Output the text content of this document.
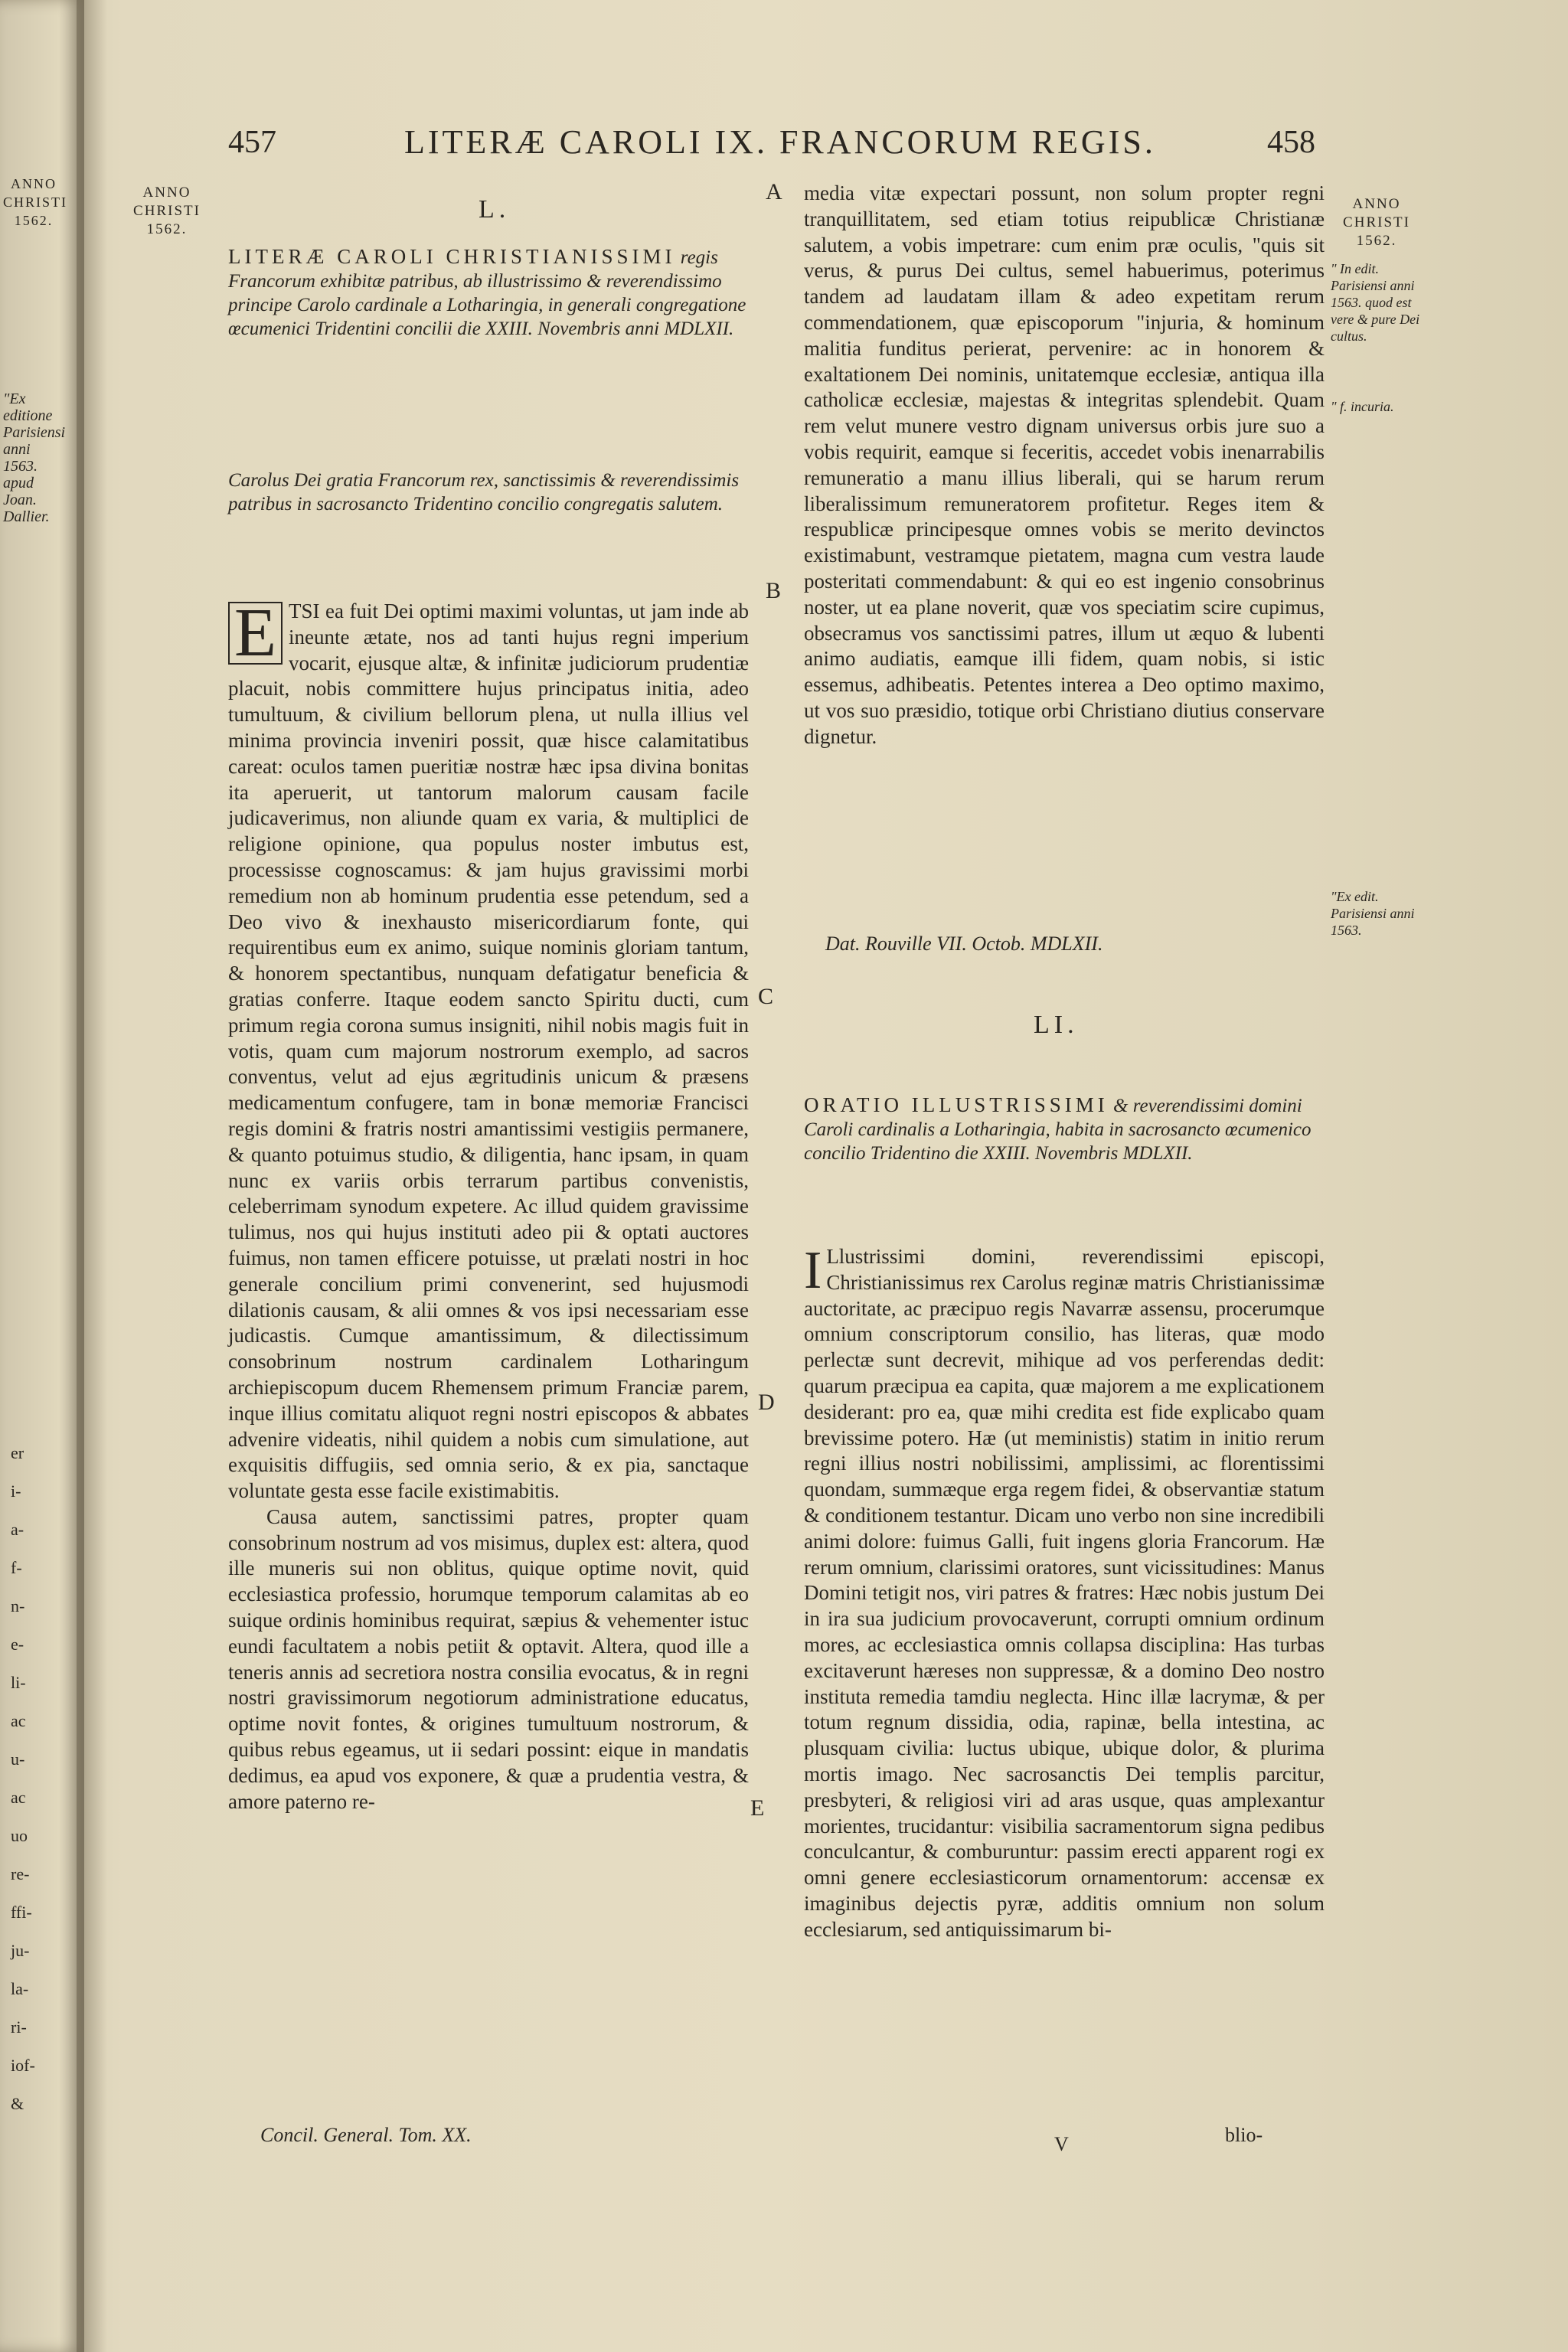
ANNO CHRISTI 1562.
"Ex editione Parisiensi anni 1563. apud Joan. Dallier.
er
i-
a-
f-
n-
e-
li-
ac
u-
ac
uo
re-
ffi-
ju-
la-
ri-
iof-
&
457	LITERÆ CAROLI IX. FRANCORUM REGIS.	458
ANNO CHRISTI 1562.
ANNO CHRISTI 1562.
" In edit. Parisiensi anni 1563. quod est vere & pure Dei cultus.
" f. incuria.
"Ex edit. Parisiensi anni 1563.
A
B
C
D
E
L.
LITERÆ CAROLI CHRISTIANISSIMI regis Francorum exhibitæ patribus, ab illustrissimo & reverendissimo principe Carolo cardinale a Lotharingia, in generali congregatione œcumenici Tridentini concilii die XXIII. Novembris anni MDLXII.
Carolus Dei gratia Francorum rex, sanctissimis & reverendissimis patribus in sacrosancto Tridentino concilio congregatis salutem.

E TSI ea fuit Dei optimi maximi voluntas, ut jam inde ab ineunte ætate, nos ad tanti hujus regni imperium vocarit, ejusque altæ, & infinitæ judiciorum prudentiæ placuit, nobis committere hujus principatus initia, adeo tumultuum, & civilium bellorum plena, ut nulla illius vel minima provincia inveniri possit, quæ hisce calamitatibus careat: oculos tamen pueritiæ nostræ hæc ipsa divina bonitas ita aperuerit, ut tantorum malorum causam facile judicaverimus, non aliunde quam ex varia, & multiplici de religione opinione, qua populus noster imbutus est, processisse cognoscamus: & jam hujus gravissimi morbi remedium non ab hominum prudentia esse petendum, sed a Deo vivo & inexhausto misericordiarum fonte, qui requirentibus eum ex animo, suique nominis gloriam tantum, & honorem spectantibus, nunquam defatigatur beneficia & gratias conferre. Itaque eodem sancto Spiritu ducti, cum primum regia corona sumus insigniti, nihil nobis magis fuit in votis, quam cum majorum nostrorum exemplo, ad sacros conventus, velut ad ejus ægritudinis unicum & præsens medicamentum confugere, tam in bonæ memoriæ Francisci regis domini & fratris nostri amantissimi vestigiis permanere, & quanto potuimus studio, & diligentia, hanc ipsam, in quam nunc ex variis orbis terrarum partibus convenistis, celeberrimam synodum expetere. Ac illud quidem gravissime tulimus, nos qui hujus instituti adeo pii & optati auctores fuimus, non tamen efficere potuisse, ut prælati nostri in hoc generale concilium primi convenerint, sed hujusmodi dilationis causam, & alii omnes & vos ipsi necessariam esse judicastis. Cumque amantissimum, & dilectissimum consobrinum nostrum cardinalem Lotharingum archiepiscopum ducem Rhemensem primum Franciæ parem, inque illius comitatu aliquot regni nostri episcopos & abbates advenire videatis, nihil quidem a nobis cum simulatione, aut exquisitis diffugiis, sed omnia serio, & ex pia, sanctaque voluntate gesta esse facile existimabitis.

Causa autem, sanctissimi patres, propter quam consobrinum nostrum ad vos misimus, duplex est: altera, quod ille muneris sui non oblitus, quique optime novit, quid ecclesiastica professio, horumque temporum calamitas ab eo suique ordinis hominibus requirat, sæpius & vehementer istuc eundi facultatem a nobis petiit & optavit. Altera, quod ille a teneris annis ad secretiora nostra consilia evocatus, & in regni nostri gravissimorum negotiorum administratione educatus, optime novit fontes, & origines tumultuum nostrorum, & quibus rebus egeamus, ut ii sedari possint: eique in mandatis dedimus, ea apud vos exponere, & quæ a prudentia vestra, & amore paterno re-

Concil. General. Tom. XX.

media vitæ expectari possunt, non solum propter regni tranquillitatem, sed etiam totius reipublicæ Christianæ salutem, a vobis impetrare: cum enim præ oculis, "quis sit verus, & purus Dei cultus, semel habuerimus, poterimus tandem ad laudatam illam & adeo expetitam rerum commendationem, quæ episcoporum "injuria, & hominum malitia funditus perierat, pervenire: ac in honorem & exaltationem Dei nominis, unitatemque ecclesiæ, antiqua illa catholicæ ecclesiæ, majestas & integritas splendebit. Quam rem velut munere vestro dignam universus orbis jure suo a vobis requirit, eamque si feceritis, accedet vobis inenarrabilis remuneratio a manu illius liberali, qui se harum rerum liberalissimum remuneratorem profitetur. Reges item & respublicæ principesque omnes vobis se merito devinctos existimabunt, vestramque pietatem, magna cum vestra laude posteritati commendabunt: & qui eo est ingenio consobrinus noster, ut ea plane noverit, quæ vos speciatim scire cupimus, obsecramus vos sanctissimi patres, illum ut æquo & lubenti animo audiatis, eamque illi fidem, quam nobis, si istic essemus, adhibeatis. Petentes interea a Deo optimo maximo, ut vos suo præsidio, totique orbi Christiano diutius conservare dignetur.

Dat. Rouville VII. Octob. MDLXII.
LI.
ORATIO ILLUSTRISSIMI & reverendissimi domini Caroli cardinalis a Lotharingia, habita in sacrosancto œcumenico concilio Tridentino die XXIII. Novembris MDLXII.

I Llustrissimi domini, reverendissimi episcopi, Christianissimus rex Carolus reginæ matris Christianissimæ auctoritate, ac præcipuo regis Navarræ assensu, procerumque omnium conscriptorum consilio, has literas, quæ modo perlectæ sunt decrevit, mihique ad vos perferendas dedit: quarum præcipua ea capita, quæ majorem a me explicationem desiderant: pro ea, quæ mihi credita est fide explicabo quam brevissime potero. Hæ (ut meministis) statim in initio rerum regni illius nostri nobilissimi, amplissimi, ac florentissimi quondam, summæque erga regem fidei, & observantiæ statum & conditionem testantur. Dicam uno verbo non sine incredibili animi dolore: fuimus Galli, fuit ingens gloria Francorum. Hæ rerum omnium, clarissimi oratores, sunt vicissitudines: Manus Domini tetigit nos, viri patres & fratres: Hæc nobis justum Dei in ira sua judicium provocaverunt, corrupti omnium ordinum mores, ac ecclesiastica omnis collapsa disciplina: Has turbas excitaverunt hæreses non suppressæ, & a domino Deo nostro instituta remedia tamdiu neglecta. Hinc illæ lacrymæ, & per totum regnum dissidia, odia, rapinæ, bella intestina, ac plusquam civilia: luctus ubique, ubique dolor, & plurima mortis imago. Nec sacrosanctis Dei templis parcitur, presbyteri, & religiosi viri ad aras usque, quas amplexantur morientes, trucidantur: visibilia sacramentorum signa pedibus conculcantur, & comburuntur: passim erecti apparent rogi ex omni genere ecclesiasticorum ornamentorum: accensæ ex imaginibus dejectis pyræ, additis omnium non solum ecclesiarum, sed antiquissimarum bi-

V	blio-
